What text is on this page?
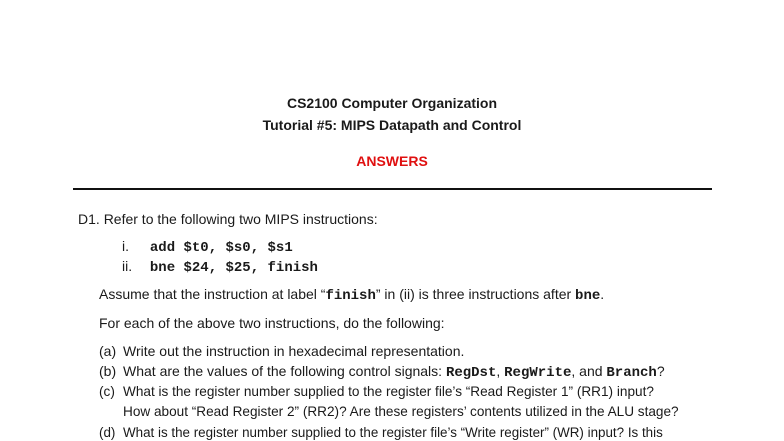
CS2100 Computer Organization
Tutorial #5: MIPS Datapath and Control
ANSWERS
D1. Refer to the following two MIPS instructions:
i. add $t0, $s0, $s1
ii. bne $24, $25, finish
Assume that the instruction at label “finish” in (ii) is three instructions after bne.
For each of the above two instructions, do the following:
(a) Write out the instruction in hexadecimal representation.
(b) What are the values of the following control signals: RegDst, RegWrite, and Branch?
(c) What is the register number supplied to the register file’s “Read Register 1” (RR1) input?
How about “Read Register 2” (RR2)? Are these registers’ contents utilized in the ALU stage?
(d) What is the register number supplied to the register file’s “Write register” (WR) input? Is this
